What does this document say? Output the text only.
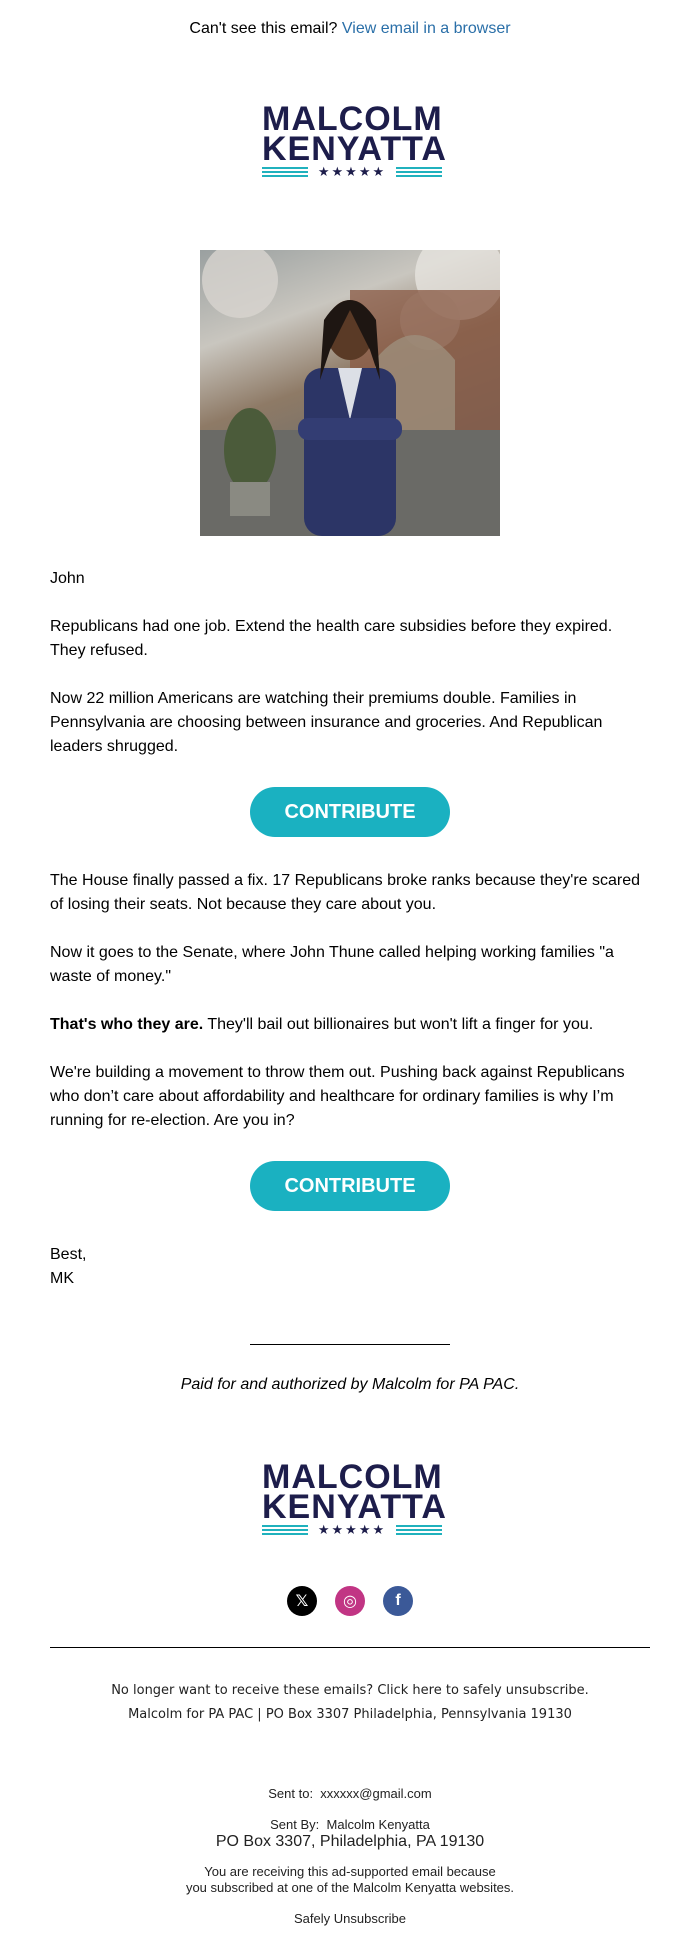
Can't see this email? View email in a browser
MALCOLM
KENYATTA
★★★★★
John
Republicans had one job. Extend the health care subsidies before they expired. They refused.
Now 22 million Americans are watching their premiums double. Families in Pennsylvania are choosing between insurance and groceries. And Republican leaders shrugged.
CONTRIBUTE
The House finally passed a fix. 17 Republicans broke ranks because they're scared of losing their seats. Not because they care about you.
Now it goes to the Senate, where John Thune called helping working families "a waste of money."
That's who they are. They'll bail out billionaires but won't lift a finger for you.
We're building a movement to throw them out. Pushing back against Republicans who don’t care about affordability and healthcare for ordinary families is why I’m running for re-election. Are you in?
CONTRIBUTE
Best,
MK
Paid for and authorized by Malcolm for PA PAC.
MALCOLM
KENYATTA
★★★★★
𝕏	◎	f
No longer want to receive these emails? Click here to safely unsubscribe.
Malcolm for PA PAC | PO Box 3307 Philadelphia, Pennsylvania 19130
Sent to: xxxxxx@gmail.com
Sent By: Malcolm Kenyatta
PO Box 3307, Philadelphia, PA 19130
You are receiving this ad-supported email because
you subscribed at one of the Malcolm Kenyatta websites.
Safely Unsubscribe
